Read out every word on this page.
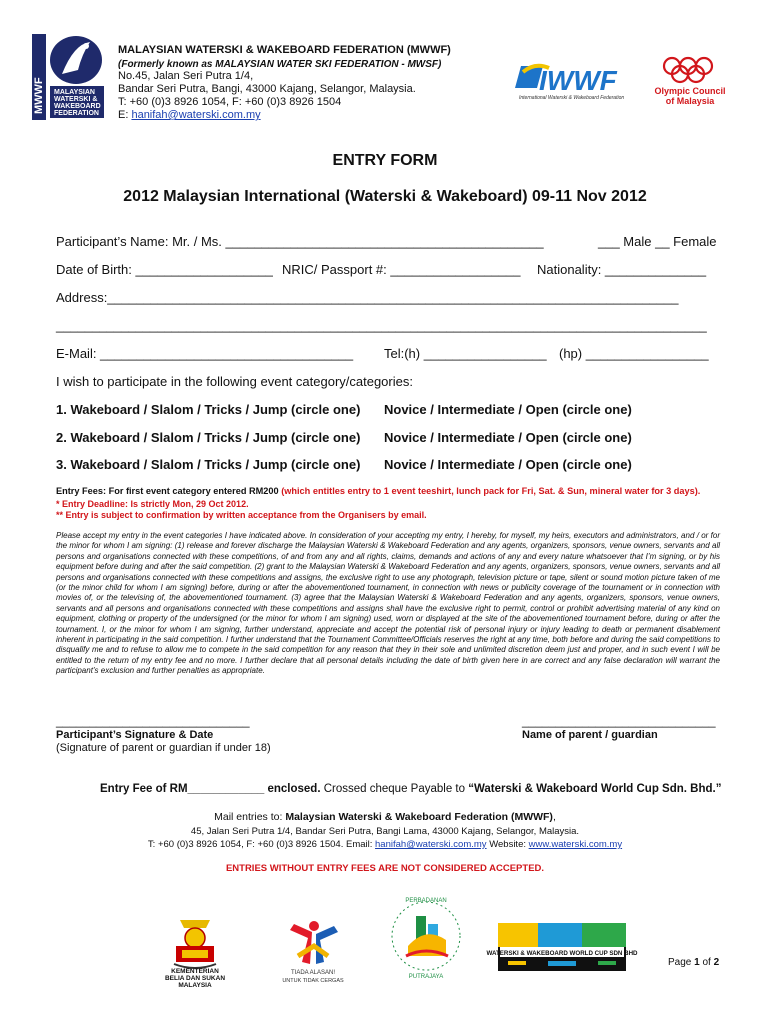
MWWF MALAYSIAN
WATERSKI &
WAKEBOARD
FEDERATION
MALAYSIAN WATERSKI & WAKEBOARD FEDERATION (MWWF)
(Formerly known as MALAYSIAN WATER SKI FEDERATION - MWSF)
No.45, Jalan Seri Putra 1/4,
Bandar Seri Putra, Bangi, 43000 Kajang, Selangor, Malaysia.
T: +60 (0)3 8926 1054, F: +60 (0)3 8926 1504
E: hanifah@waterski.com.my
IWWF
International Waterski & Wakeboard Federation
Olympic Council
of Malaysia
ENTRY FORM
2012 Malaysian International (Waterski & Wakeboard) 09-11 Nov 2012
Participant’s Name: Mr. / Ms. ____________________________________________	___ Male __ Female
Date of Birth: ___________________ NRIC/ Passport #: __________________ Nationality: ______________
Address:_______________________________________________________________________________
__________________________________________________________________________________________
E-Mail: ___________________________________ Tel:(h) _________________ (hp) _________________
I wish to participate in the following event category/categories:
1. Wakeboard / Slalom / Tricks / Jump (circle one) Novice / Intermediate / Open (circle one)
2. Wakeboard / Slalom / Tricks / Jump (circle one) Novice / Intermediate / Open (circle one)
3. Wakeboard / Slalom / Tricks / Jump (circle one) Novice / Intermediate / Open (circle one)
Entry Fees: For first event category entered RM200 (which entitles entry to 1 event teeshirt, lunch pack for Fri, Sat. & Sun, mineral water for 3 days).
* Entry Deadline: Is strictly Mon, 29 Oct 2012.
** Entry is subject to confirmation by written acceptance from the Organisers by email.
Please accept my entry in the event categories I have indicated above. In consideration of your accepting my entry, I hereby, for myself, my heirs, executors and administrators, and / or for the minor for whom I am signing: (1) release and forever discharge the Malaysian Waterski & Wakeboard Federation and any agents, organizers, sponsors, venue owners, servants and all persons and organisations connected with these competitions, of and from any and all rights, claims, demands and actions of any and every nature whatsoever that I’m signing, or by his equipment before during and after the said competition. (2) grant to the Malaysian Waterski & Wakeboard Federation and any agents, organizers, sponsors, venue owners, servants and all persons and organisations connected with these competitions and assigns, the exclusive right to use any photograph, television picture or tape, silent or sound motion picture taken of me (or the minor child for whom I am signing) before, during or after the abovementioned tournament, in connection with news or publicity coverage of the tournament or in connection with movies of, or the televising of, the abovementioned tournament. (3) agree that the Malaysian Waterski & Wakeboard Federation and any agents, organizers, sponsors, venue owners, servants and all persons and organisations connected with these competitions and assigns shall have the exclusive right to permit, control or prohibit advertising material of any kind on equipment, clothing or property of the undersigned (or the minor for whom I am signing) used, worn or displayed at the site of the abovementioned tournament before, during or after the tournament. I, or the minor for whom I am signing, further understand, appreciate and accept the potential risk of personal injury or injury leading to death or permanent disablement inherent in participating in the said competition. I further understand that the Tournament Committee/Officials reserves the right at any time, both before and during the said competitions to disqualify me and to refuse to allow me to compete in the said competition for any reason that they in their sole and unlimited discretion deem just and proper, and in such event I will be entitled to the return of my entry fee and no more. I further declare that all personal details including the date of birth given here in are correct and any false declaration will warrant the participant’s exclusion and further penalties as appropriate.
_____________________________	_____________________________
Participant’s Signature & Date
(Signature of parent or guardian if under 18)
Name of parent / guardian
Entry Fee of RM____________ enclosed. Crossed cheque Payable to “Waterski & Wakeboard World Cup Sdn. Bhd.”
Mail entries to: Malaysian Waterski & Wakeboard Federation (MWWF),
45, Jalan Seri Putra 1/4, Bandar Seri Putra, Bangi Lama, 43000 Kajang, Selangor, Malaysia.
T: +60 (0)3 8926 1054, F: +60 (0)3 8926 1504. Email: hanifah@waterski.com.my Website: www.waterski.com.my
ENTRIES WITHOUT ENTRY FEES ARE NOT CONSIDERED ACCEPTED.
KEMENTERIAN
BELIA DAN SUKAN
MALAYSIA
TIADA ALASAN!
UNTUK TIDAK CERGAS
PERBADANAN
PUTRAJAYA
WATERSKI & WAKEBOARD WORLD CUP SDN BHD
Page 1 of 2
